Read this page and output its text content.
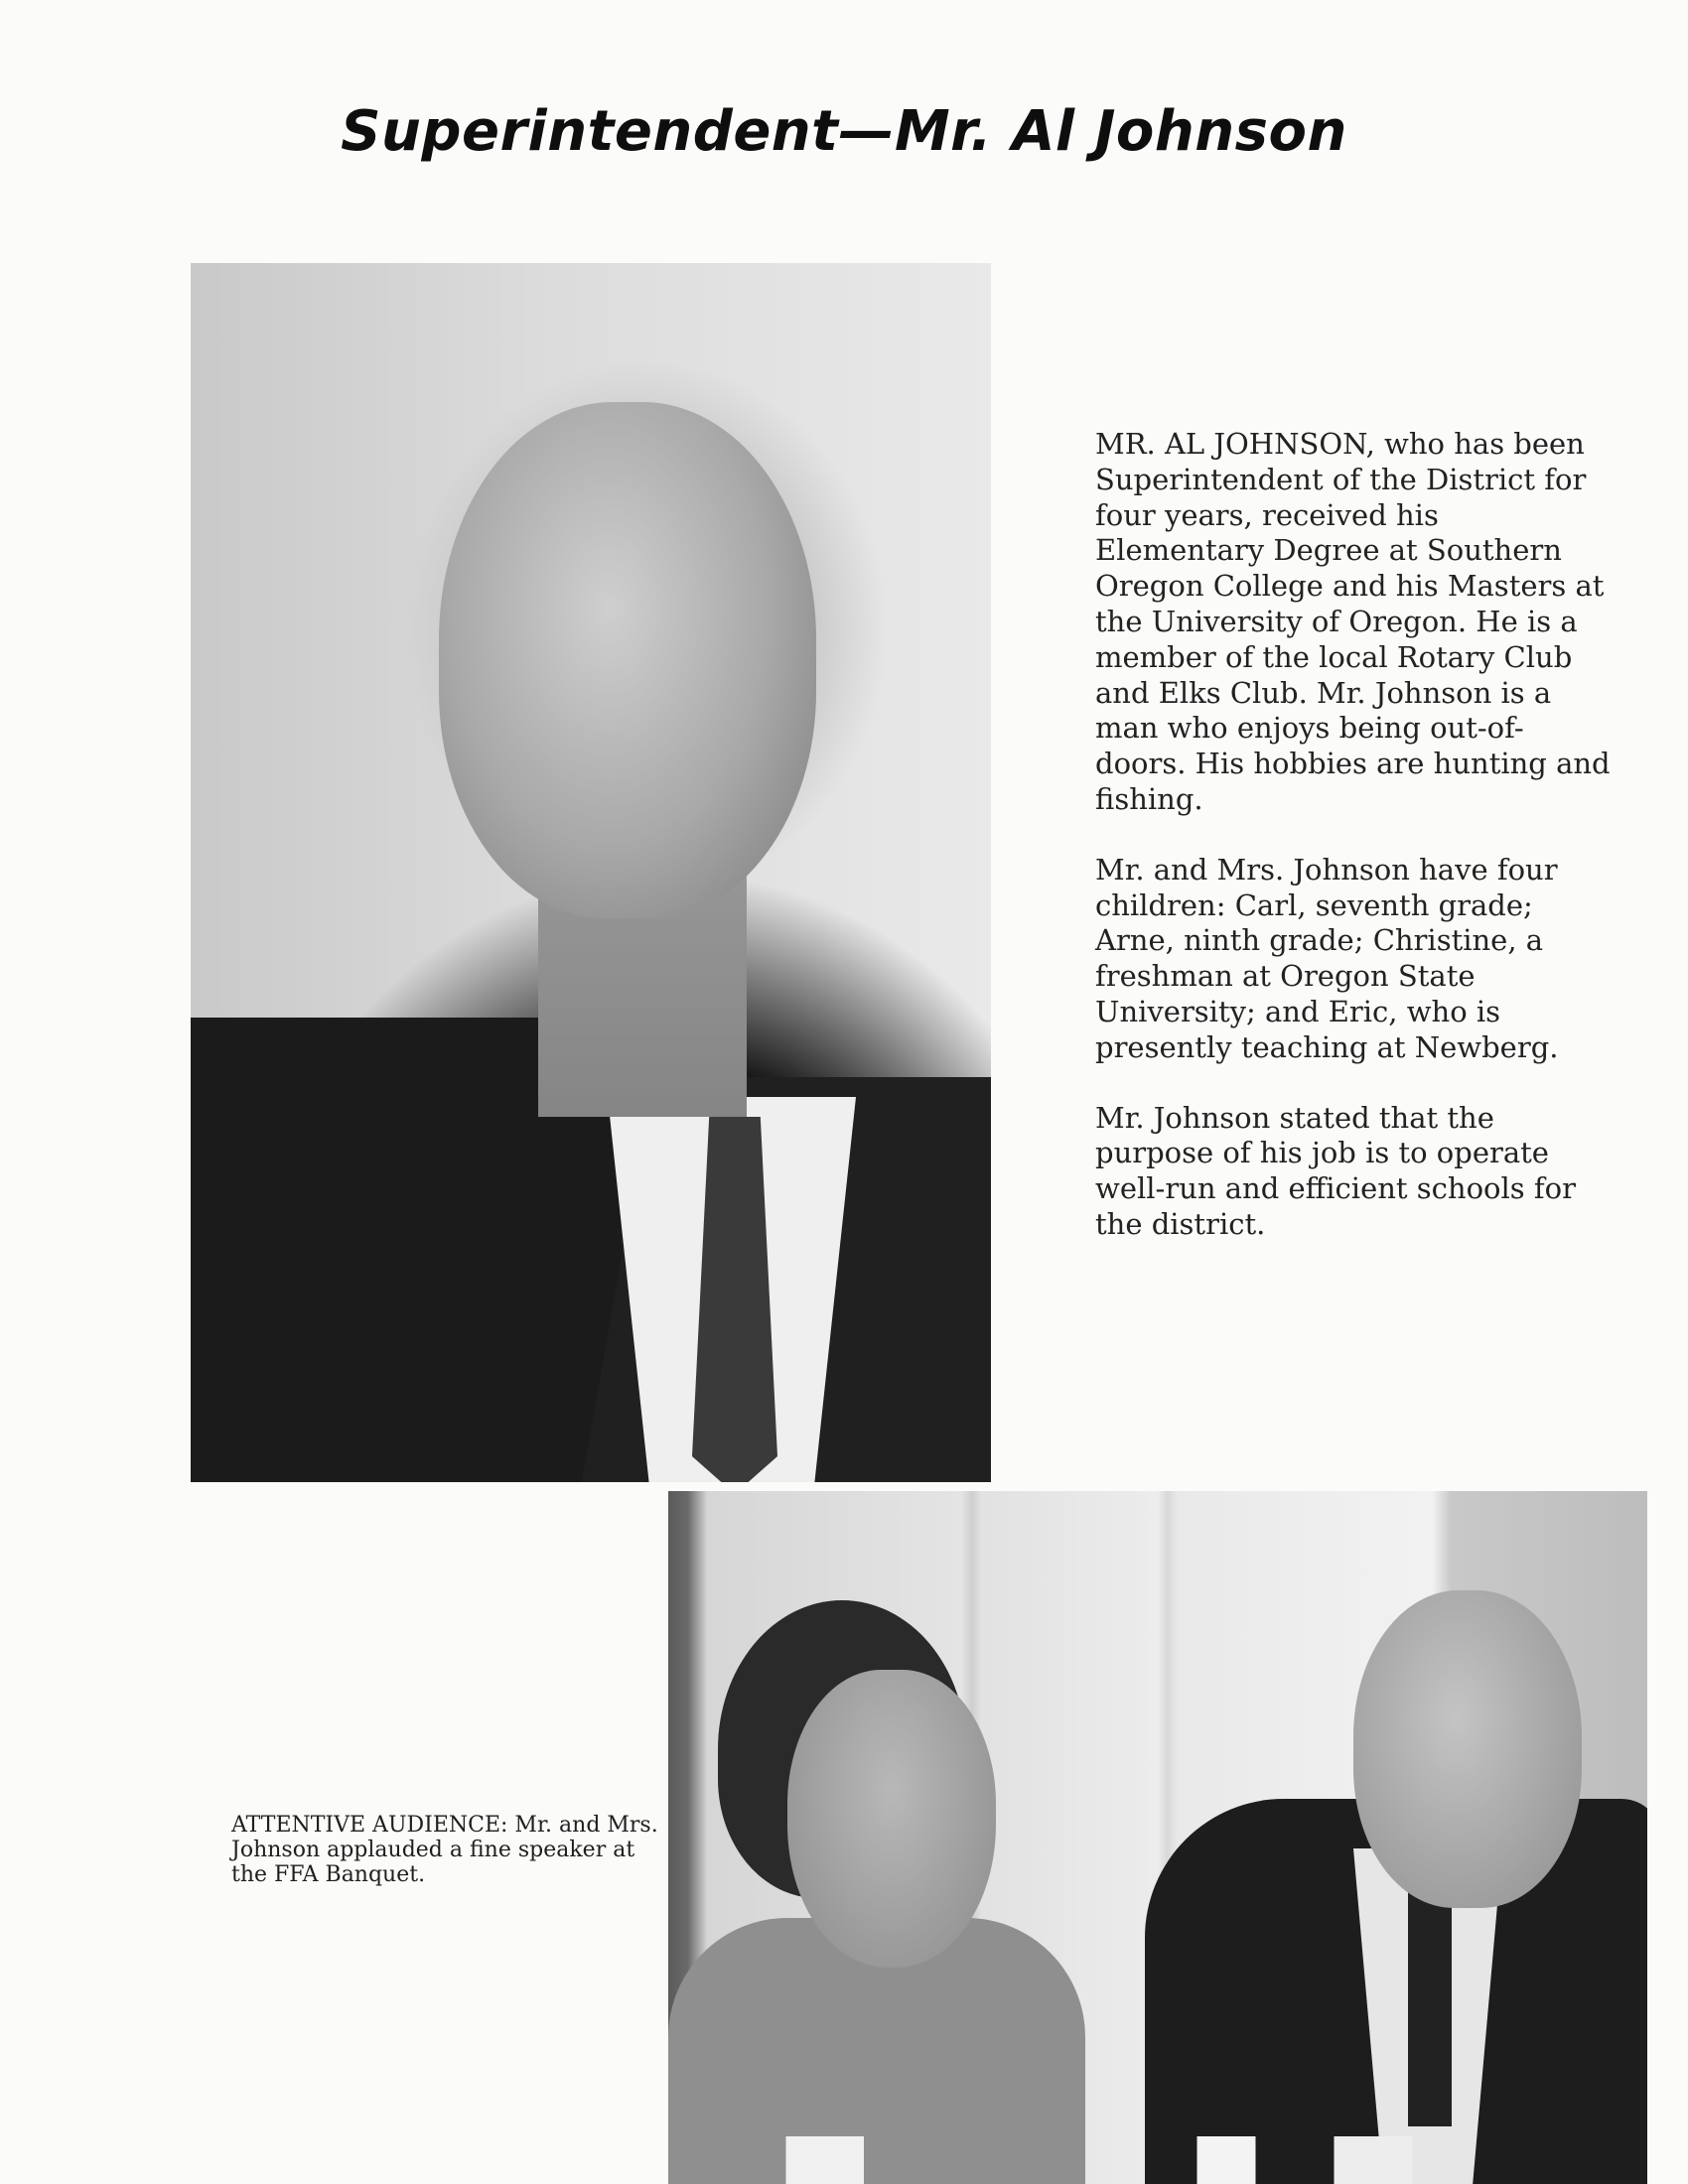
Superintendent—Mr. Al Johnson

MR. AL JOHNSON, who has been Superintendent of the District for four years, received his Elementary Degree at Southern Oregon College and his Masters at the University of Oregon. He is a member of the local Rotary Club and Elks Club. Mr. Johnson is a man who enjoys being out-of-doors. His hobbies are hunting and fishing.

Mr. and Mrs. Johnson have four children: Carl, seventh grade; Arne, ninth grade; Christine, a freshman at Oregon State University; and Eric, who is presently teaching at Newberg.

Mr. Johnson stated that the purpose of his job is to operate well-run and efficient schools for the district.

ATTENTIVE AUDIENCE: Mr. and Mrs. Johnson applauded a fine speaker at the FFA Banquet.
